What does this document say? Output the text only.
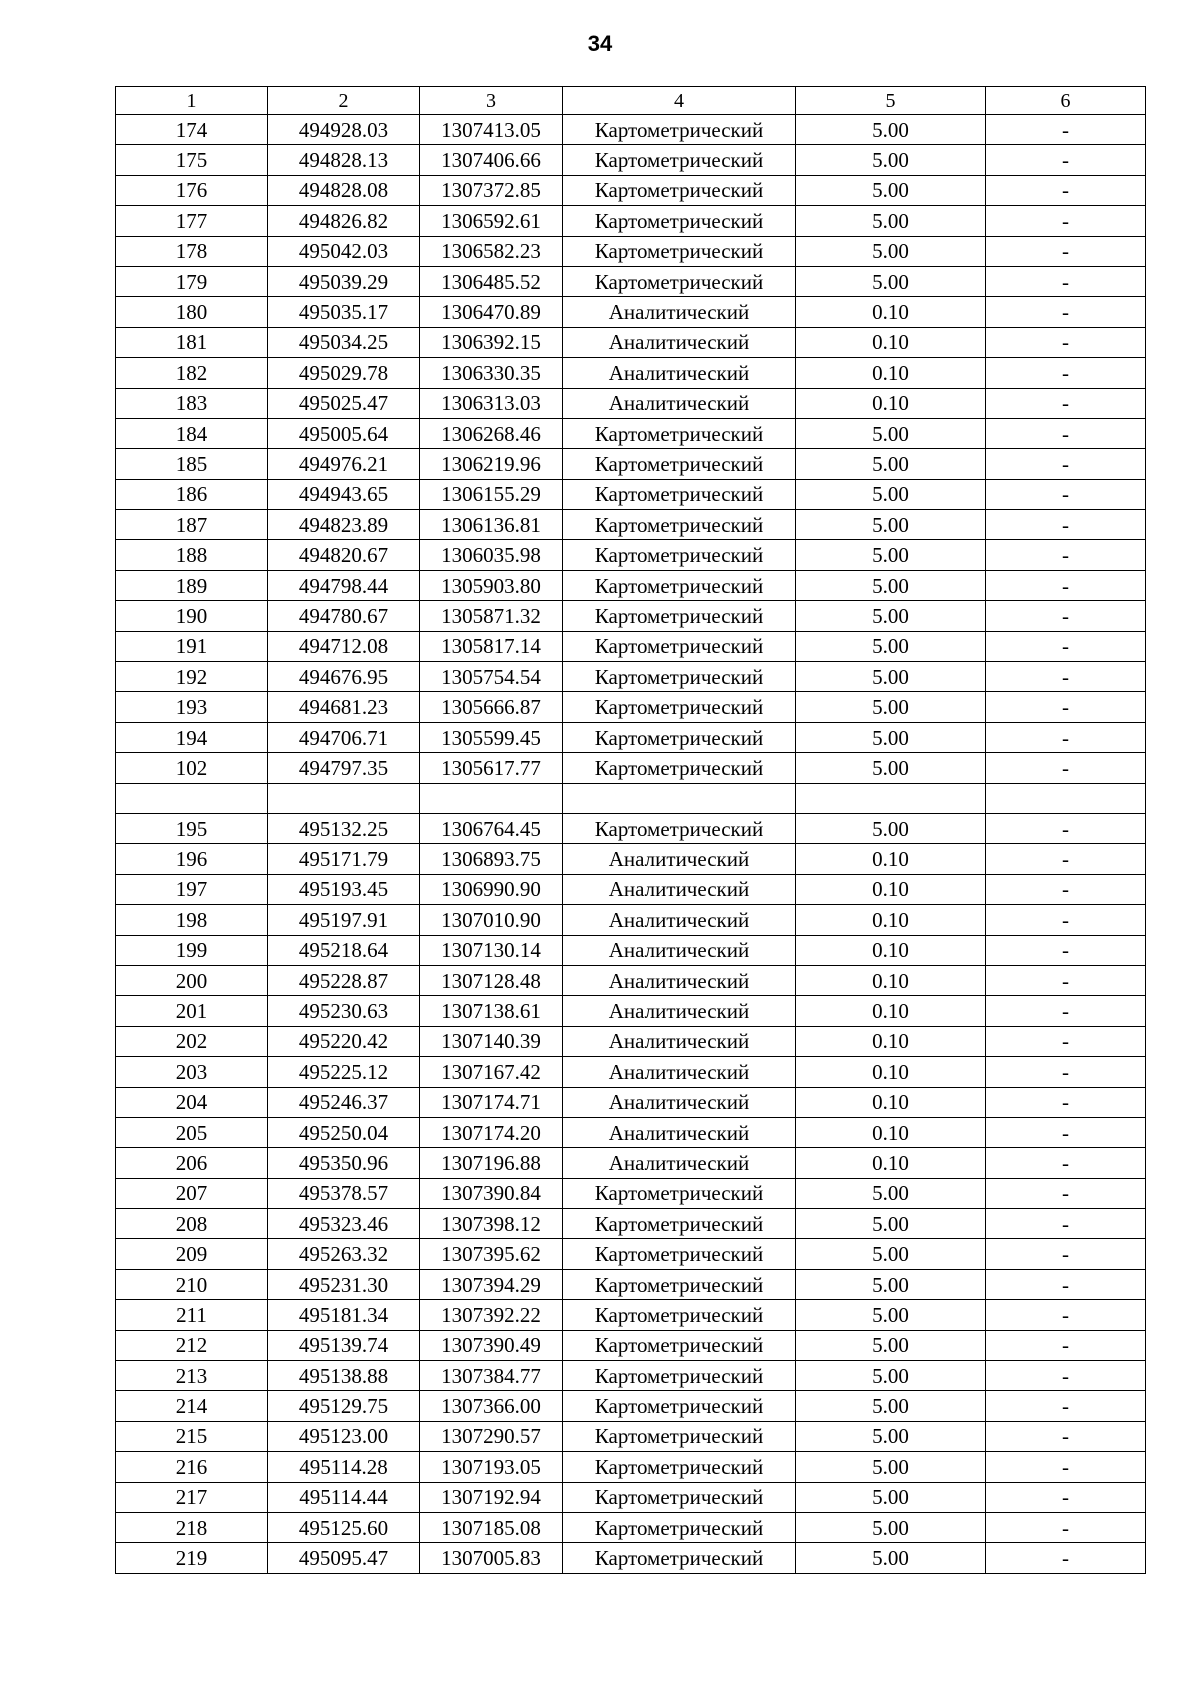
34
1	2	3	4	5	6
174	494928.03	1307413.05	Картометрический	5.00	-
175	494828.13	1307406.66	Картометрический	5.00	-
176	494828.08	1307372.85	Картометрический	5.00	-
177	494826.82	1306592.61	Картометрический	5.00	-
178	495042.03	1306582.23	Картометрический	5.00	-
179	495039.29	1306485.52	Картометрический	5.00	-
180	495035.17	1306470.89	Аналитический	0.10	-
181	495034.25	1306392.15	Аналитический	0.10	-
182	495029.78	1306330.35	Аналитический	0.10	-
183	495025.47	1306313.03	Аналитический	0.10	-
184	495005.64	1306268.46	Картометрический	5.00	-
185	494976.21	1306219.96	Картометрический	5.00	-
186	494943.65	1306155.29	Картометрический	5.00	-
187	494823.89	1306136.81	Картометрический	5.00	-
188	494820.67	1306035.98	Картометрический	5.00	-
189	494798.44	1305903.80	Картометрический	5.00	-
190	494780.67	1305871.32	Картометрический	5.00	-
191	494712.08	1305817.14	Картометрический	5.00	-
192	494676.95	1305754.54	Картометрический	5.00	-
193	494681.23	1305666.87	Картометрический	5.00	-
194	494706.71	1305599.45	Картометрический	5.00	-
102	494797.35	1305617.77	Картометрический	5.00	-

195	495132.25	1306764.45	Картометрический	5.00	-
196	495171.79	1306893.75	Аналитический	0.10	-
197	495193.45	1306990.90	Аналитический	0.10	-
198	495197.91	1307010.90	Аналитический	0.10	-
199	495218.64	1307130.14	Аналитический	0.10	-
200	495228.87	1307128.48	Аналитический	0.10	-
201	495230.63	1307138.61	Аналитический	0.10	-
202	495220.42	1307140.39	Аналитический	0.10	-
203	495225.12	1307167.42	Аналитический	0.10	-
204	495246.37	1307174.71	Аналитический	0.10	-
205	495250.04	1307174.20	Аналитический	0.10	-
206	495350.96	1307196.88	Аналитический	0.10	-
207	495378.57	1307390.84	Картометрический	5.00	-
208	495323.46	1307398.12	Картометрический	5.00	-
209	495263.32	1307395.62	Картометрический	5.00	-
210	495231.30	1307394.29	Картометрический	5.00	-
211	495181.34	1307392.22	Картометрический	5.00	-
212	495139.74	1307390.49	Картометрический	5.00	-
213	495138.88	1307384.77	Картометрический	5.00	-
214	495129.75	1307366.00	Картометрический	5.00	-
215	495123.00	1307290.57	Картометрический	5.00	-
216	495114.28	1307193.05	Картометрический	5.00	-
217	495114.44	1307192.94	Картометрический	5.00	-
218	495125.60	1307185.08	Картометрический	5.00	-
219	495095.47	1307005.83	Картометрический	5.00	-
